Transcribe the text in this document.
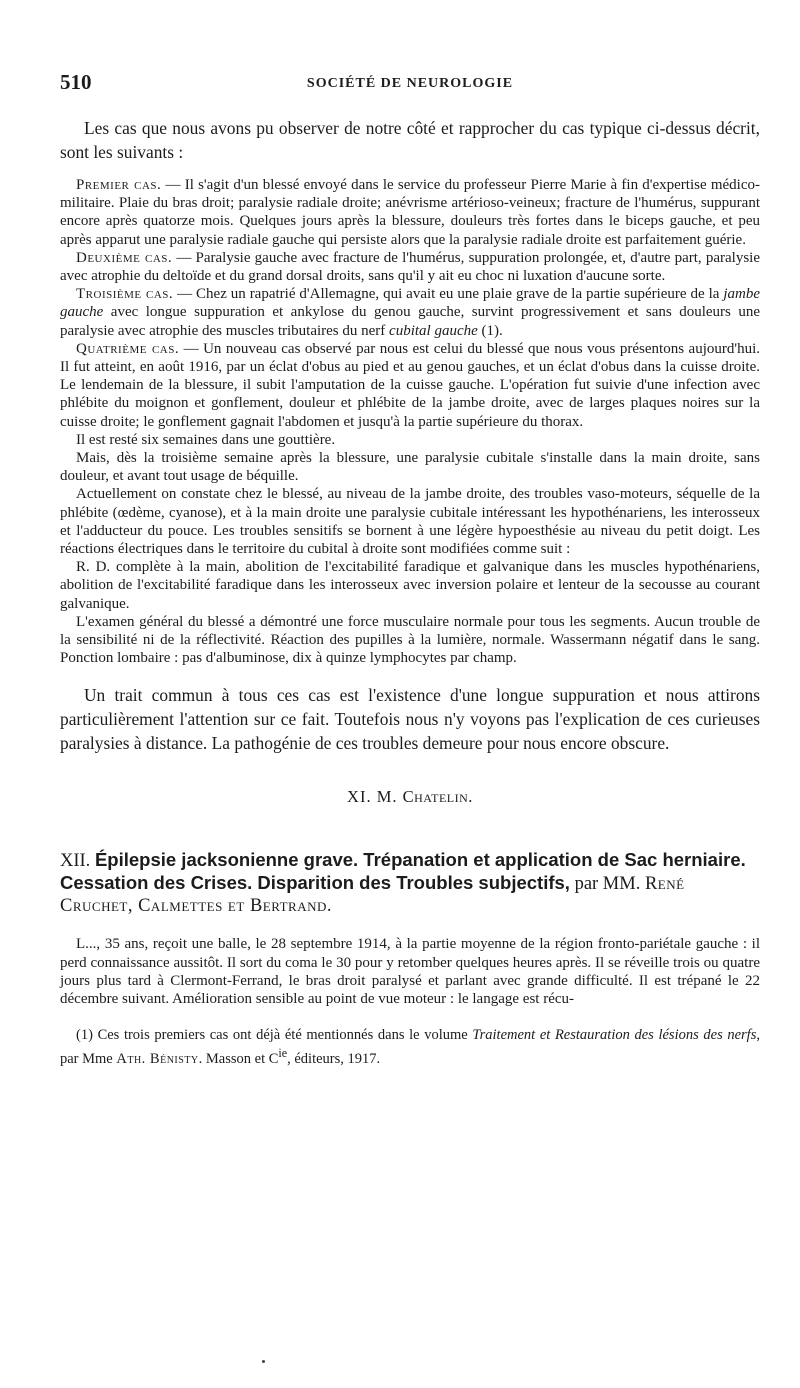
510	SOCIÉTÉ DE NEUROLOGIE

Les cas que nous avons pu observer de notre côté et rapprocher du cas typique ci-dessus décrit, sont les suivants :

Premier cas. — Il s'agit d'un blessé envoyé dans le service du professeur Pierre Marie à fin d'expertise médico-militaire. Plaie du bras droit; paralysie radiale droite; anévrisme artérioso-veineux; fracture de l'humérus, suppurant encore après quatorze mois. Quelques jours après la blessure, douleurs très fortes dans le biceps gauche, et peu après apparut une paralysie radiale gauche qui persiste alors que la paralysie radiale droite est parfaitement guérie.

Deuxième cas. — Paralysie gauche avec fracture de l'humérus, suppuration prolongée, et, d'autre part, paralysie avec atrophie du deltoïde et du grand dorsal droits, sans qu'il y ait eu choc ni luxation d'aucune sorte.

Troisième cas. — Chez un rapatrié d'Allemagne, qui avait eu une plaie grave de la partie supérieure de la jambe gauche avec longue suppuration et ankylose du genou gauche, survint progressivement et sans douleurs une paralysie avec atrophie des muscles tributaires du nerf cubital gauche (1).

Quatrième cas. — Un nouveau cas observé par nous est celui du blessé que nous vous présentons aujourd'hui. Il fut atteint, en août 1916, par un éclat d'obus au pied et au genou gauches, et un éclat d'obus dans la cuisse droite. Le lendemain de la blessure, il subit l'amputation de la cuisse gauche. L'opération fut suivie d'une infection avec phlébite du moignon et gonflement, douleur et phlébite de la jambe droite, avec de larges plaques noires sur la cuisse droite; le gonflement gagnait l'abdomen et jusqu'à la partie supérieure du thorax.

Il est resté six semaines dans une gouttière.

Mais, dès la troisième semaine après la blessure, une paralysie cubitale s'installe dans la main droite, sans douleur, et avant tout usage de béquille.

Actuellement on constate chez le blessé, au niveau de la jambe droite, des troubles vaso-moteurs, séquelle de la phlébite (œdème, cyanose), et à la main droite une paralysie cubitale intéressant les hypothénariens, les interosseux et l'adducteur du pouce. Les troubles sensitifs se bornent à une légère hypoesthésie au niveau du petit doigt. Les réactions électriques dans le territoire du cubital à droite sont modifiées comme suit :

R. D. complète à la main, abolition de l'excitabilité faradique et galvanique dans les muscles hypothénariens, abolition de l'excitabilité faradique dans les interosseux avec inversion polaire et lenteur de la secousse au courant galvanique.

L'examen général du blessé a démontré une force musculaire normale pour tous les segments. Aucun trouble de la sensibilité ni de la réflectivité. Réaction des pupilles à la lumière, normale. Wassermann négatif dans le sang. Ponction lombaire : pas d'albuminose, dix à quinze lymphocytes par champ.

Un trait commun à tous ces cas est l'existence d'une longue suppuration et nous attirons particulièrement l'attention sur ce fait. Toutefois nous n'y voyons pas l'explication de ces curieuses paralysies à distance. La pathogénie de ces troubles demeure pour nous encore obscure.

XI. M. Chatelin.

XII. Épilepsie jacksonienne grave. Trépanation et application de Sac herniaire. Cessation des Crises. Disparition des Troubles subjectifs, par MM. René Cruchet, Calmettes et Bertrand.

L..., 35 ans, reçoit une balle, le 28 septembre 1914, à la partie moyenne de la région fronto-pariétale gauche : il perd connaissance aussitôt. Il sort du coma le 30 pour y retomber quelques heures après. Il se réveille trois ou quatre jours plus tard à Clermont-Ferrand, le bras droit paralysé et parlant avec grande difficulté. Il est trépané le 22 décembre suivant. Amélioration sensible au point de vue moteur : le langage est récu-

(1) Ces trois premiers cas ont déjà été mentionnés dans le volume Traitement et Restauration des lésions des nerfs, par Mme Ath. Bénisty. Masson et $C^{ie}$, éditeurs, 1917.
